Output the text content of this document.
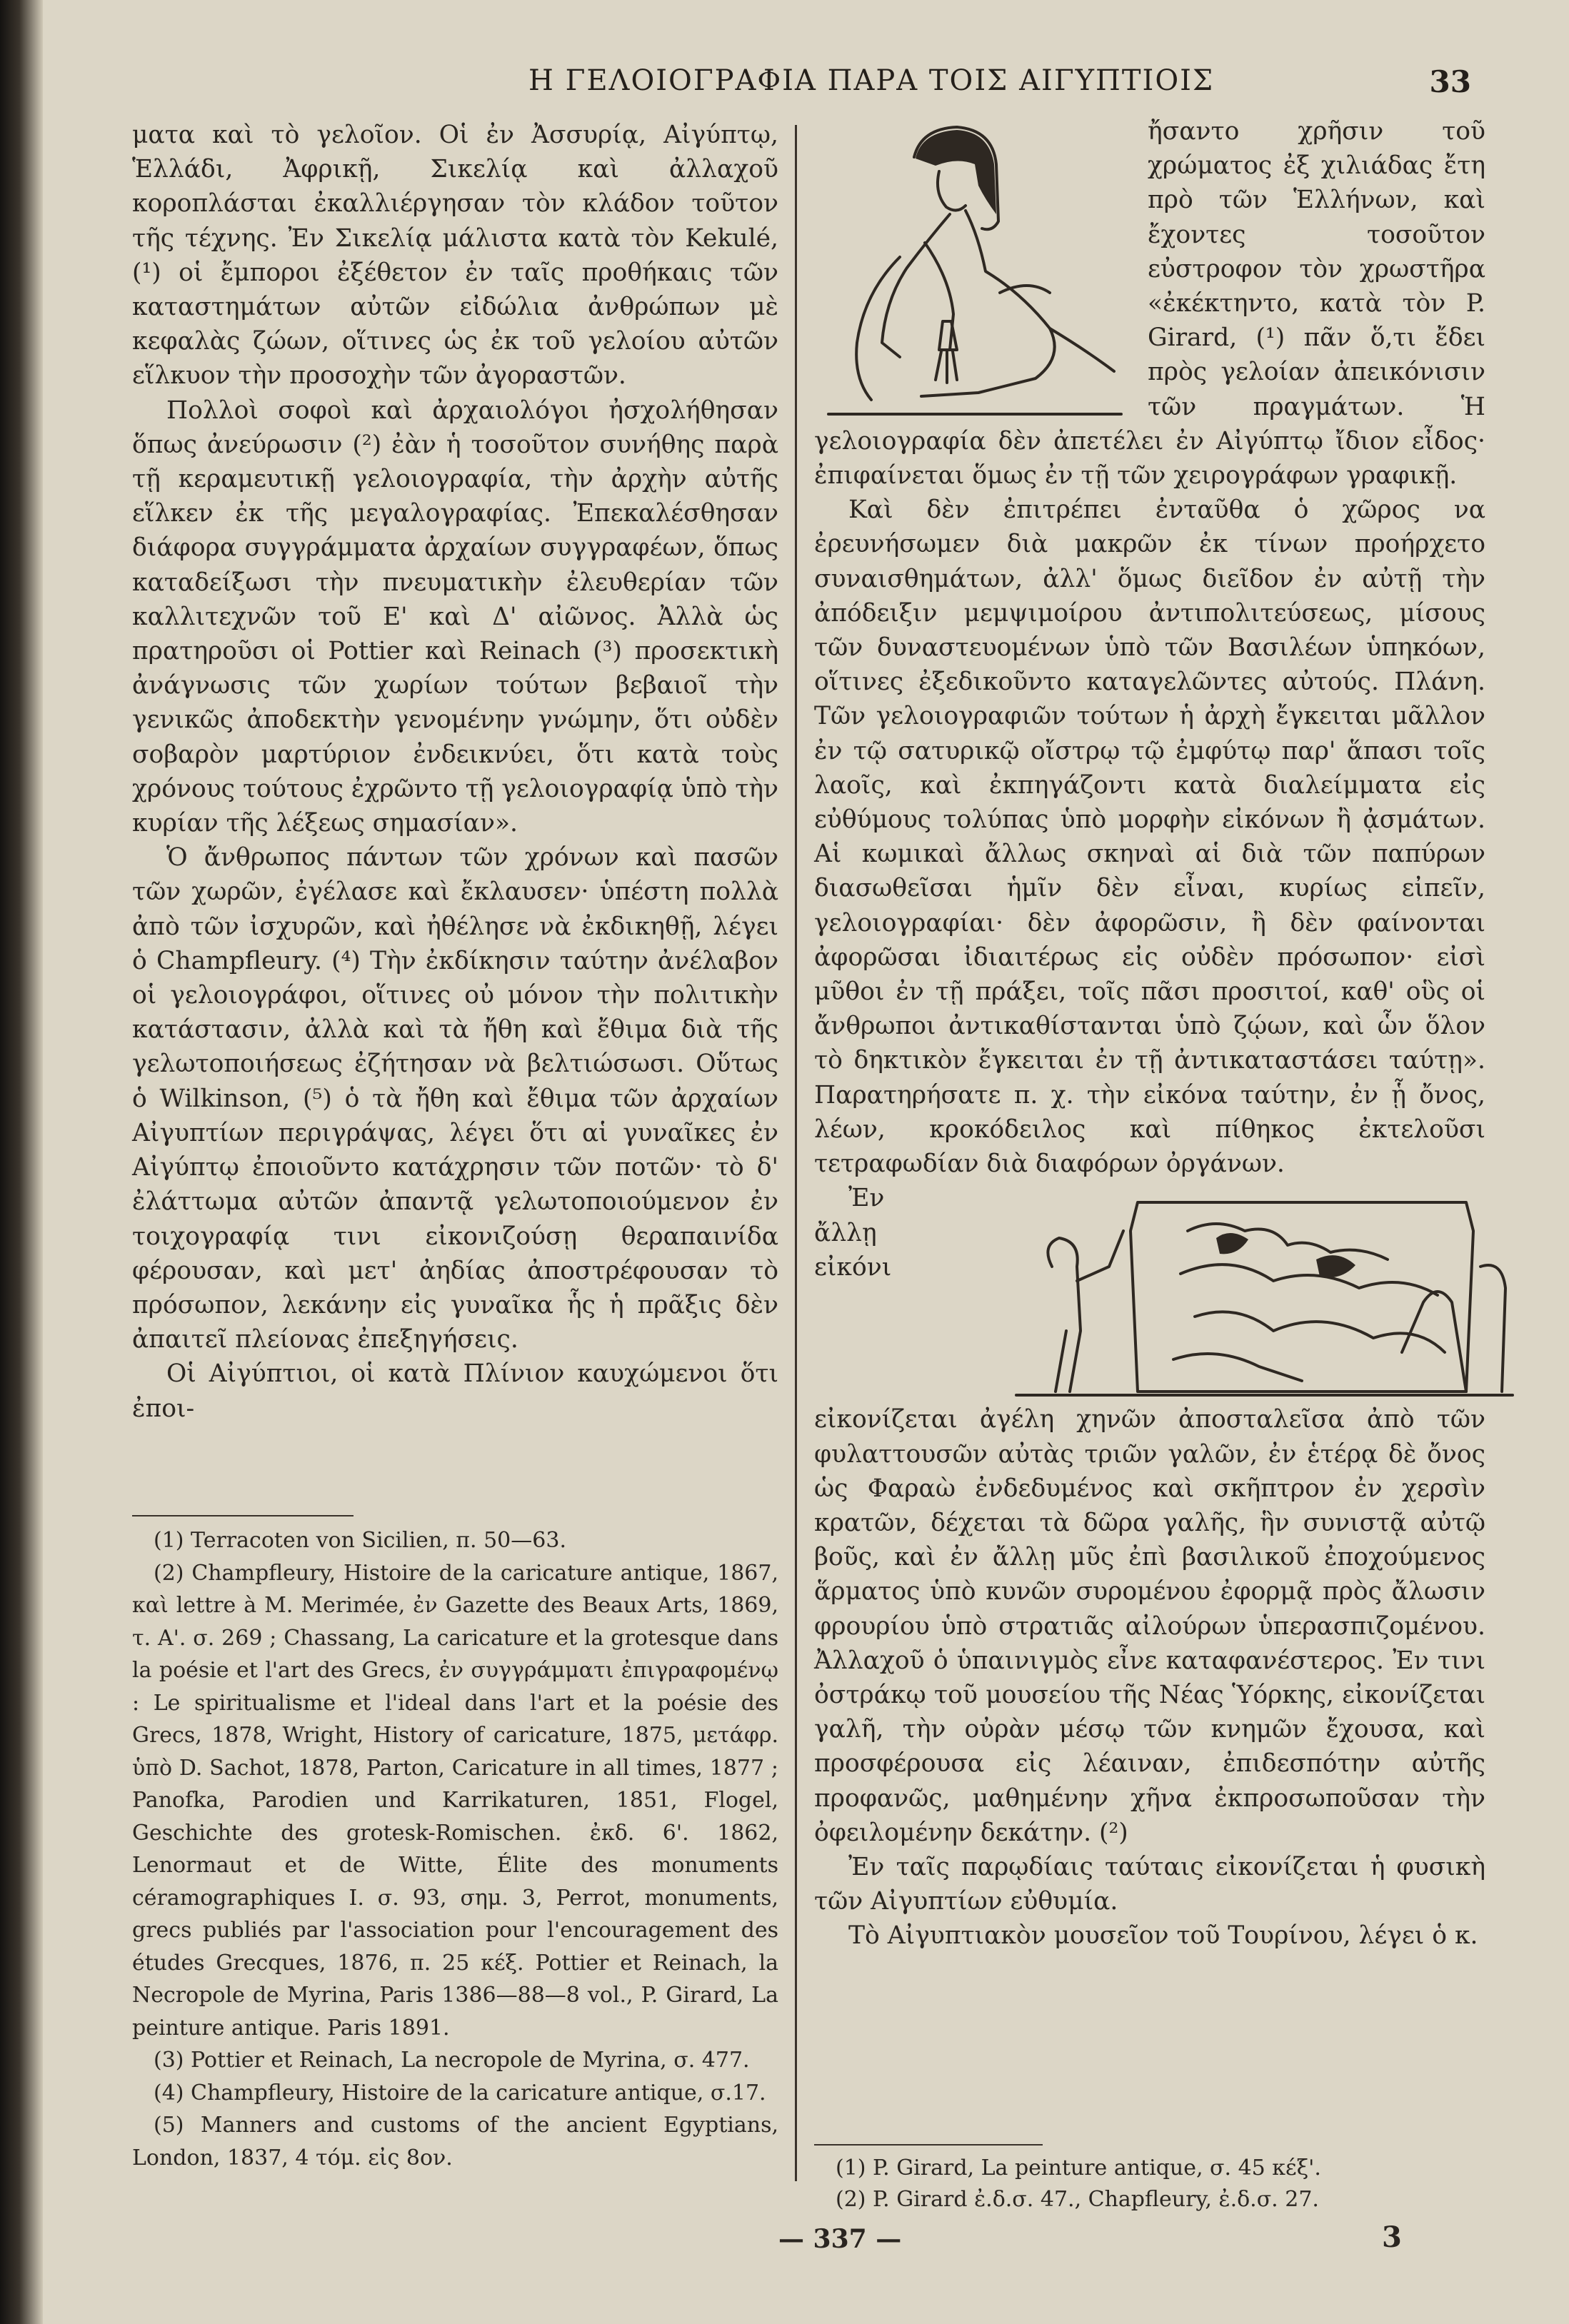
Η ΓΕΛΟΙΟΓΡΑΦΙΑ ΠΑΡΑ ΤΟΙΣ ΑΙΓΥΠΤΙΟΙΣ	33

ματα καὶ τὸ γελοῖον. Οἱ ἐν Ἀσσυρίᾳ, Αἰγύπτῳ, Ἑλλάδι, Ἀφρικῇ, Σικελίᾳ καὶ ἀλλαχοῦ κοροπλάσται ἐκαλλιέργησαν τὸν κλάδον τοῦτον τῆς τέχνης. Ἐν Σικελίᾳ μάλιστα κατὰ τὸν Kekulé, (¹) οἱ ἔμποροι ἐξέθετον ἐν ταῖς προθήκαις τῶν καταστημάτων αὐτῶν εἰδώλια ἀνθρώπων μὲ κεφαλὰς ζώων, οἵτινες ὡς ἐκ τοῦ γελοίου αὐτῶν εἵλκυον τὴν προσοχὴν τῶν ἀγοραστῶν.

Πολλοὶ σοφοὶ καὶ ἀρχαιολόγοι ἠσχολήθησαν ὅπως ἀνεύρωσιν (²) ἐὰν ἡ τοσοῦτον συνήθης παρὰ τῇ κεραμευτικῇ γελοιογραφία, τὴν ἀρχὴν αὐτῆς εἵλκεν ἐκ τῆς μεγαλογραφίας. Ἐπεκαλέσθησαν διάφορα συγγράμματα ἀρχαίων συγγραφέων, ὅπως καταδείξωσι τὴν πνευματικὴν ἐλευθερίαν τῶν καλλιτεχνῶν τοῦ Ε' καὶ Δ' αἰῶνος. Ἀλλὰ ὡς πρατηροῦσι οἱ Pottier καὶ Reinach (³) προσεκτικὴ ἀνάγνωσις τῶν χωρίων τούτων βεβαιοῖ τὴν γενικῶς ἀποδεκτὴν γενομένην γνώμην, ὅτι οὐδὲν σοβαρὸν μαρτύριον ἐνδεικνύει, ὅτι κατὰ τοὺς χρόνους τούτους ἐχρῶντο τῇ γελοιογραφίᾳ ὑπὸ τὴν κυρίαν τῆς λέξεως σημασίαν».

Ὁ ἄνθρωπος πάντων τῶν χρόνων καὶ πασῶν τῶν χωρῶν, ἐγέλασε καὶ ἔκλαυσεν· ὑπέστη πολλὰ ἀπὸ τῶν ἰσχυρῶν, καὶ ἠθέλησε νὰ ἐκδικηθῇ, λέγει ὁ Champfleury. (⁴) Τὴν ἐκδίκησιν ταύτην ἀνέλαβον οἱ γελοιογράφοι, οἵτινες οὐ μόνον τὴν πολιτικὴν κατάστασιν, ἀλλὰ καὶ τὰ ἤθη καὶ ἔθιμα διὰ τῆς γελωτοποιήσεως ἐζήτησαν νὰ βελτιώσωσι. Οὕτως ὁ Wilkinson, (⁵) ὁ τὰ ἤθη καὶ ἔθιμα τῶν ἀρχαίων Αἰγυπτίων περιγράψας, λέγει ὅτι αἱ γυναῖκες ἐν Αἰγύπτῳ ἐποιοῦντο κατάχρησιν τῶν ποτῶν· τὸ δ' ἐλάττωμα αὐτῶν ἀπαντᾷ γελωτοποιούμενον ἐν τοιχογραφίᾳ τινι εἰκονιζούσῃ θεραπαινίδα φέρουσαν, καὶ μετ' ἀηδίας ἀποστρέφουσαν τὸ πρόσωπον, λεκάνην εἰς γυναῖκα ἧς ἡ πρᾶξις δὲν ἀπαιτεῖ πλείονας ἐπεξηγήσεις.

Οἱ Αἰγύπτιοι, οἱ κατὰ Πλίνιον καυχώμενοι ὅτι ἐποι-

(1) Terracoten von Sicilien, π. 50—63.

(2) Champfleury, Histoire de la caricature antique, 1867, καὶ lettre à M. Merimée, ἐν Gazette des Beaux Arts, 1869, τ. Α'. σ. 269 ; Chassang, La caricature et la grotesque dans la poésie et l'art des Grecs, ἐν συγγράμματι ἐπιγραφομένῳ : Le spiritualisme et l'ideal dans l'art et la poésie des Grecs, 1878, Wright, History of caricature, 1875, μετάφρ. ὑπὸ D. Sachot, 1878, Parton, Caricature in all times, 1877 ; Panofka, Parodien und Karrikaturen, 1851, Flogel, Geschichte des grotesk-Romischen. ἐκδ. 6'. 1862, Lenormaut et de Witte, Élite des monuments céramographiques I. σ. 93, σημ. 3, Perrot, monuments, grecs publiés par l'association pour l'encouragement des études Grecques, 1876, π. 25 κέξ. Pottier et Reinach, la Necropole de Myrina, Paris 1386—88—8 vol., P. Girard, La peinture antique. Paris 1891.

(3) Pottier et Reinach, La necropole de Myrina, σ. 477.

(4) Champfleury, Histoire de la caricature antique, σ.17.

(5) Manners and customs of the ancient Egyptians, London, 1837, 4 τόμ. εἰς 8ον.

ἤσαντο χρῆσιν τοῦ χρώματος ἐξ χιλιάδας ἔτη πρὸ τῶν Ἑλλήνων, καὶ ἔχοντες τοσοῦτον εὐστροφον τὸν χρωστῆρα «ἐκέκτηντο, κατὰ τὸν P. Girard, (¹) πᾶν ὅ,τι ἔδει πρὸς γελοίαν ἀπεικόνισιν τῶν πραγμάτων. Ἡ γελοιογραφία δὲν ἀπετέλει ἐν Αἰγύπτῳ ἴδιον εἶδος· ἐπιφαίνεται ὅμως ἐν τῇ τῶν χειρογράφων γραφικῇ.

Καὶ δὲν ἐπιτρέπει ἐνταῦθα ὁ χῶρος να ἐρευνήσωμεν διὰ μακρῶν ἐκ τίνων προήρχετο συναισθημάτων, ἀλλ' ὅμως διεῖδον ἐν αὐτῇ τὴν ἀπόδειξιν μεμψιμοίρου ἀντιπολιτεύσεως, μίσους τῶν δυναστευομένων ὑπὸ τῶν Βασιλέων ὑπηκόων, οἵτινες ἐξεδικοῦντο καταγελῶντες αὐτούς. Πλάνη. Τῶν γελοιογραφιῶν τούτων ἡ ἀρχὴ ἔγκειται μᾶλλον ἐν τῷ σατυρικῷ οἴστρῳ τῷ ἐμφύτῳ παρ' ἅπασι τοῖς λαοῖς, καὶ ἐκπηγάζοντι κατὰ διαλείμματα εἰς εὐθύμους τολύπας ὑπὸ μορφὴν εἰκόνων ἢ ᾀσμάτων. Αἱ κωμικαὶ ἄλλως σκηναὶ αἱ διὰ τῶν παπύρων διασωθεῖσαι ἡμῖν δὲν εἶναι, κυρίως εἰπεῖν, γελοιογραφίαι· δὲν ἀφορῶσιν, ἢ δὲν φαίνονται ἀφορῶσαι ἰδιαιτέρως εἰς οὐδὲν πρόσωπον· εἰσὶ μῦθοι ἐν τῇ πράξει, τοῖς πᾶσι προσιτοί, καθ' οὓς οἱ ἄνθρωποι ἀντικαθίστανται ὑπὸ ζῴων, καὶ ὧν ὅλον τὸ δηκτικὸν ἔγκειται ἐν τῇ ἀντικαταστάσει ταύτῃ». Παρατηρήσατε π. χ. τὴν εἰκόνα ταύτην, ἐν ᾗ ὄνος, λέων, κροκόδειλος καὶ πίθηκος ἐκτελοῦσι τετραφωδίαν διὰ διαφόρων ὀργάνων.

Ἐν ἄλλῃ εἰκόνι εἰκονίζεται ἀγέλη χηνῶν ἀποσταλεῖσα ἀπὸ τῶν φυλαττουσῶν αὐτὰς τριῶν γαλῶν, ἐν ἑτέρᾳ δὲ ὄνος ὡς Φαραὼ ἐνδεδυμένος καὶ σκῆπτρον ἐν χερσὶν κρατῶν, δέχεται τὰ δῶρα γαλῆς, ἣν συνιστᾷ αὐτῷ βοῦς, καὶ ἐν ἄλλῃ μῦς ἐπὶ βασιλικοῦ ἐποχούμενος ἅρματος ὑπὸ κυνῶν συρομένου ἐφορμᾷ πρὸς ἄλωσιν φρουρίου ὑπὸ στρατιᾶς αἰλούρων ὑπερασπιζομένου. Ἀλλαχοῦ ὁ ὑπαινιγμὸς εἶνε καταφανέστερος. Ἐν τινι ὀστράκῳ τοῦ μουσείου τῆς Νέας Ὑόρκης, εἰκονίζεται γαλῆ, τὴν οὐρὰν μέσῳ τῶν κνημῶν ἔχουσα, καὶ προσφέρουσα εἰς λέαιναν, ἐπιδεσπότην αὐτῆς προφανῶς, μαθημένην χῆνα ἐκπροσωποῦσαν τὴν ὀφειλομένην δεκάτην. (²)

Ἐν ταῖς παρῳδίαις ταύταις εἰκονίζεται ἡ φυσικὴ τῶν Αἰγυπτίων εὐθυμία.

Τὸ Αἰγυπτιακὸν μουσεῖον τοῦ Τουρίνου, λέγει ὁ κ.

(1) P. Girard, La peinture antique, σ. 45 κέξ'.

(2) P. Girard ἐ.δ.σ. 47., Chapfleury, ἐ.δ.σ. 27.

— 337 —	3
